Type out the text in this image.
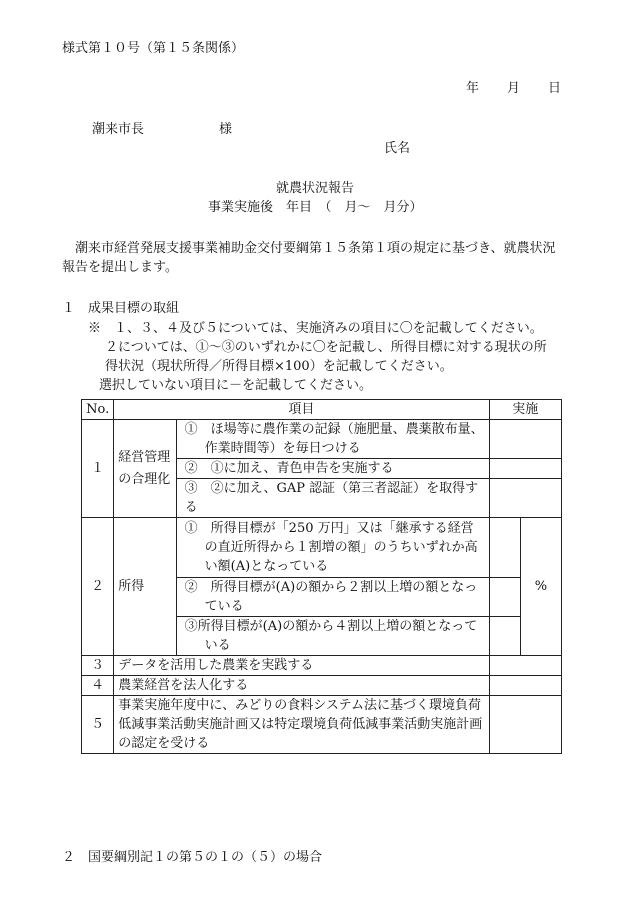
様式第１０号（第１５条関係）
年 月 日
潮来市長	様
氏名
就農状況報告
事業実施後　年目　（　月～　月分）
潮来市経営発展支援事業補助金交付要綱第１５条第１項の規定に基づき、就農状況報告を提出します。
１　成果目標の取組
※　１、３、４及び５については、実施済みの項目に〇を記載してください。
２については、①～③のいずれかに〇を記載し、所得目標に対する現状の所
得状況（現状所得／所得目標×100）を記載してください。
選択していない項目に－を記載してください。
No.	項目		実施	
１	経営管理の合理化	①　ほ場等に農作業の記録（施肥量、農薬散布量、作業時間等）を毎日つける		

		②　①に加え、青色申告を実施する		

		③　②に加え、GAP 認証（第三者認証）を取得する		

２	所得	①　所得目標が「250 万円」又は「継承する経営の直近所得から１割増の額」のうちいずれか高い額(A)となっている		%

		②　所得目標が(A)の額から２割以上増の額となっている		

		③所得目標が(A)の額から４割以上増の額となっている		

３	データを活用した農業を実践する			
４	農業経営を法人化する			
５	事業実施年度中に、みどりの食料システム法に基づく環境負荷低減事業活動実施計画又は特定環境負荷低減事業活動実施計画の認定を受ける			
２　国要綱別記１の第５の１の（５）の場合
